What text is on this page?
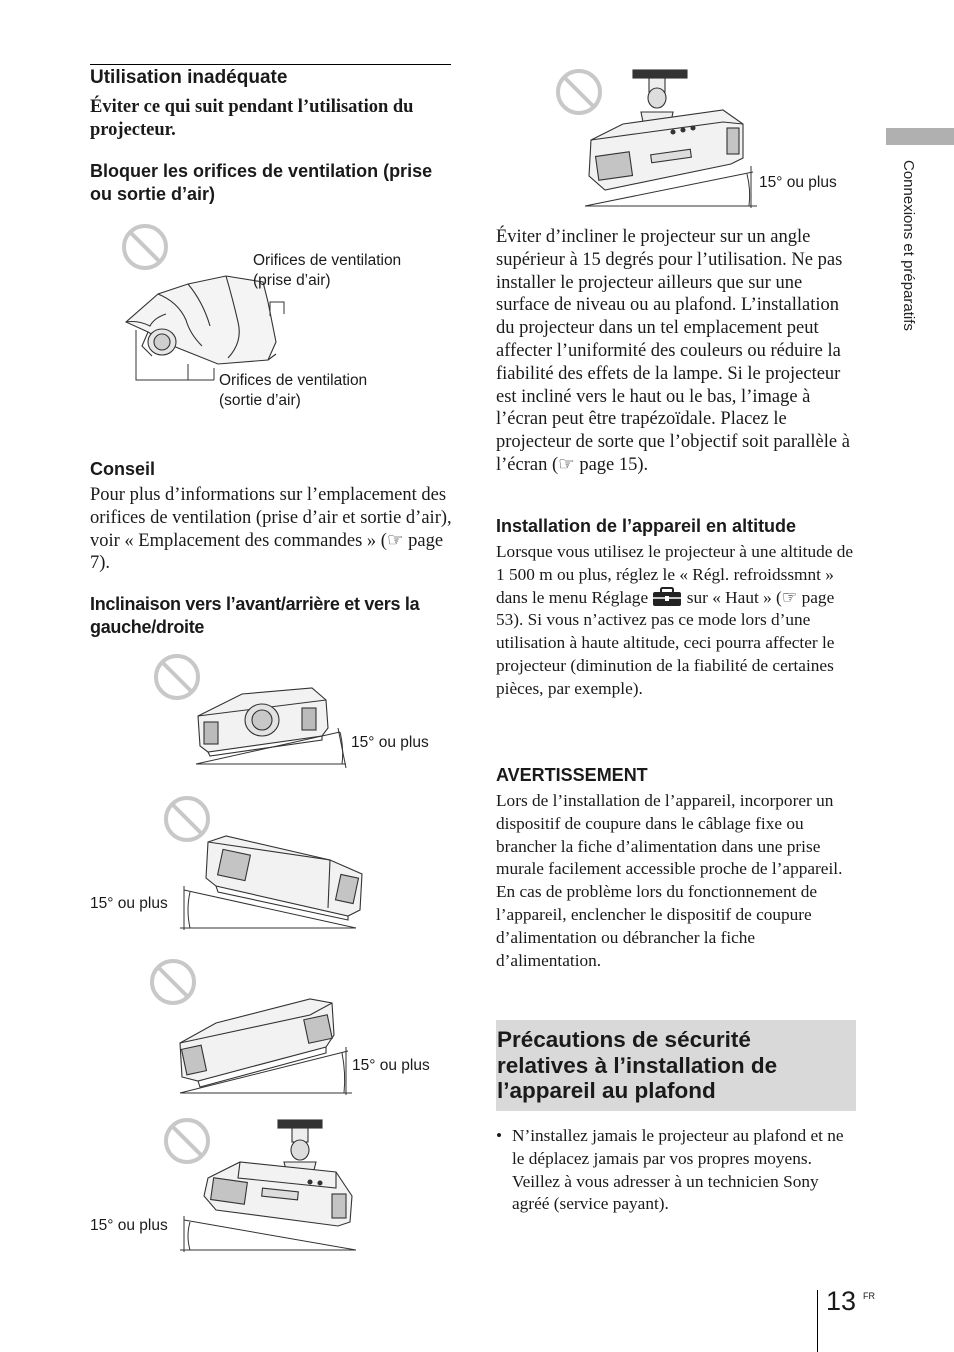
Utilisation inadéquate
Éviter ce qui suit pendant l’utilisation du projecteur.
Bloquer les orifices de ventilation (prise ou sortie d’air)
Orifices de ventilation
(prise d’air)
Orifices de ventilation
(sortie d’air)
Conseil
Pour plus d’informations sur l’emplacement des orifices de ventilation (prise d’air et sortie d’air), voir « Emplacement des commandes » (☞ page 7).
Inclinaison vers l’avant/arrière et vers la gauche/droite
15° ou plus
15° ou plus
15° ou plus
15° ou plus
15° ou plus
Éviter d’incliner le projecteur sur un angle supérieur à 15 degrés pour l’utilisation. Ne pas installer le projecteur ailleurs que sur une surface de niveau ou au plafond. L’installation du projecteur dans un tel emplacement peut affecter l’uniformité des couleurs ou réduire la fiabilité des effets de la lampe. Si le projecteur est incliné vers le haut ou le bas, l’image à l’écran peut être trapézoïdale. Placez le projecteur de sorte que l’objectif soit parallèle à l’écran (☞ page 15).
Installation de l’appareil en altitude
Lorsque vous utilisez le projecteur à une altitude de 1 500 m ou plus, réglez le « Régl. refroidssmnt » dans le menu Réglage sur « Haut » (☞ page 53). Si vous n’activez pas ce mode lors d’une utilisation à haute altitude, ceci pourra affecter le projecteur (diminution de la fiabilité de certaines pièces, par exemple).
AVERTISSEMENT
Lors de l’installation de l’appareil, incorporer un dispositif de coupure dans le câblage fixe ou brancher la fiche d’alimentation dans une prise murale facilement accessible proche de l’appareil. En cas de problème lors du fonctionnement de l’appareil, enclencher le dispositif de coupure d’alimentation ou débrancher la fiche d’alimentation.
Précautions de sécurité relatives à l’installation de l’appareil au plafond
• N’installez jamais le projecteur au plafond et ne le déplacez jamais par vos propres moyens. Veillez à vous adresser à un technicien Sony agréé (service payant).
Connexions et préparatifs
13 FR
